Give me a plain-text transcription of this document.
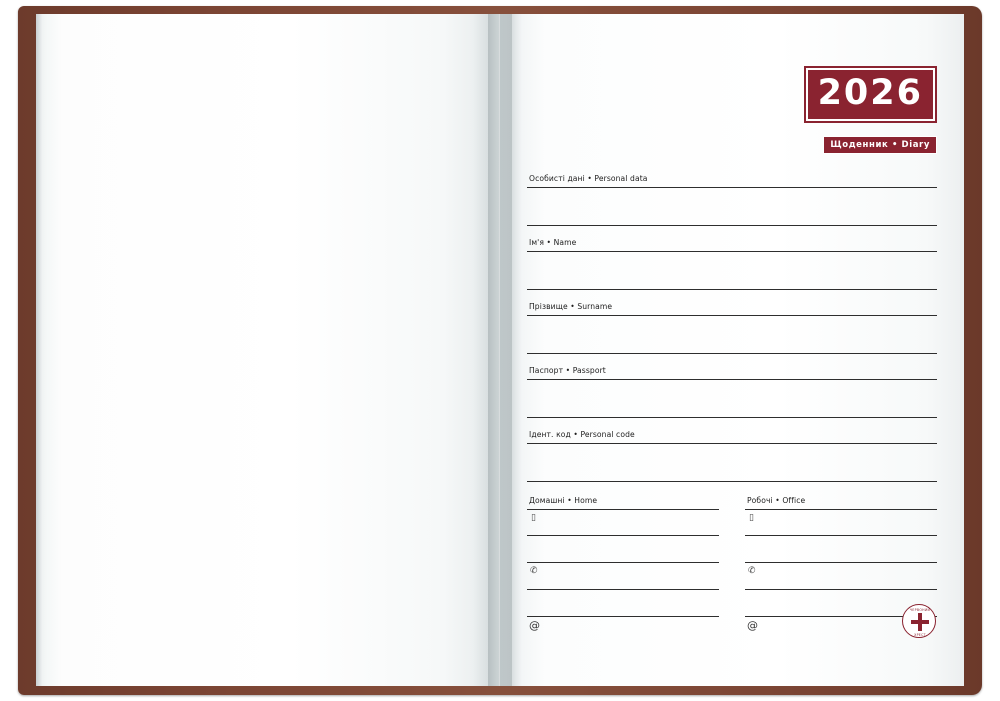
2026
Щоденник • Diary
Особисті дані • Personal data
Ім'я • Name
Прізвище • Surname
Паспорт • Passport
Ідент. код • Personal code
Домашні • Home	Робочі • Office
▯	▯
✆	✆
@	@
ЧЕРВОНИЙ
ХРЕСТ
